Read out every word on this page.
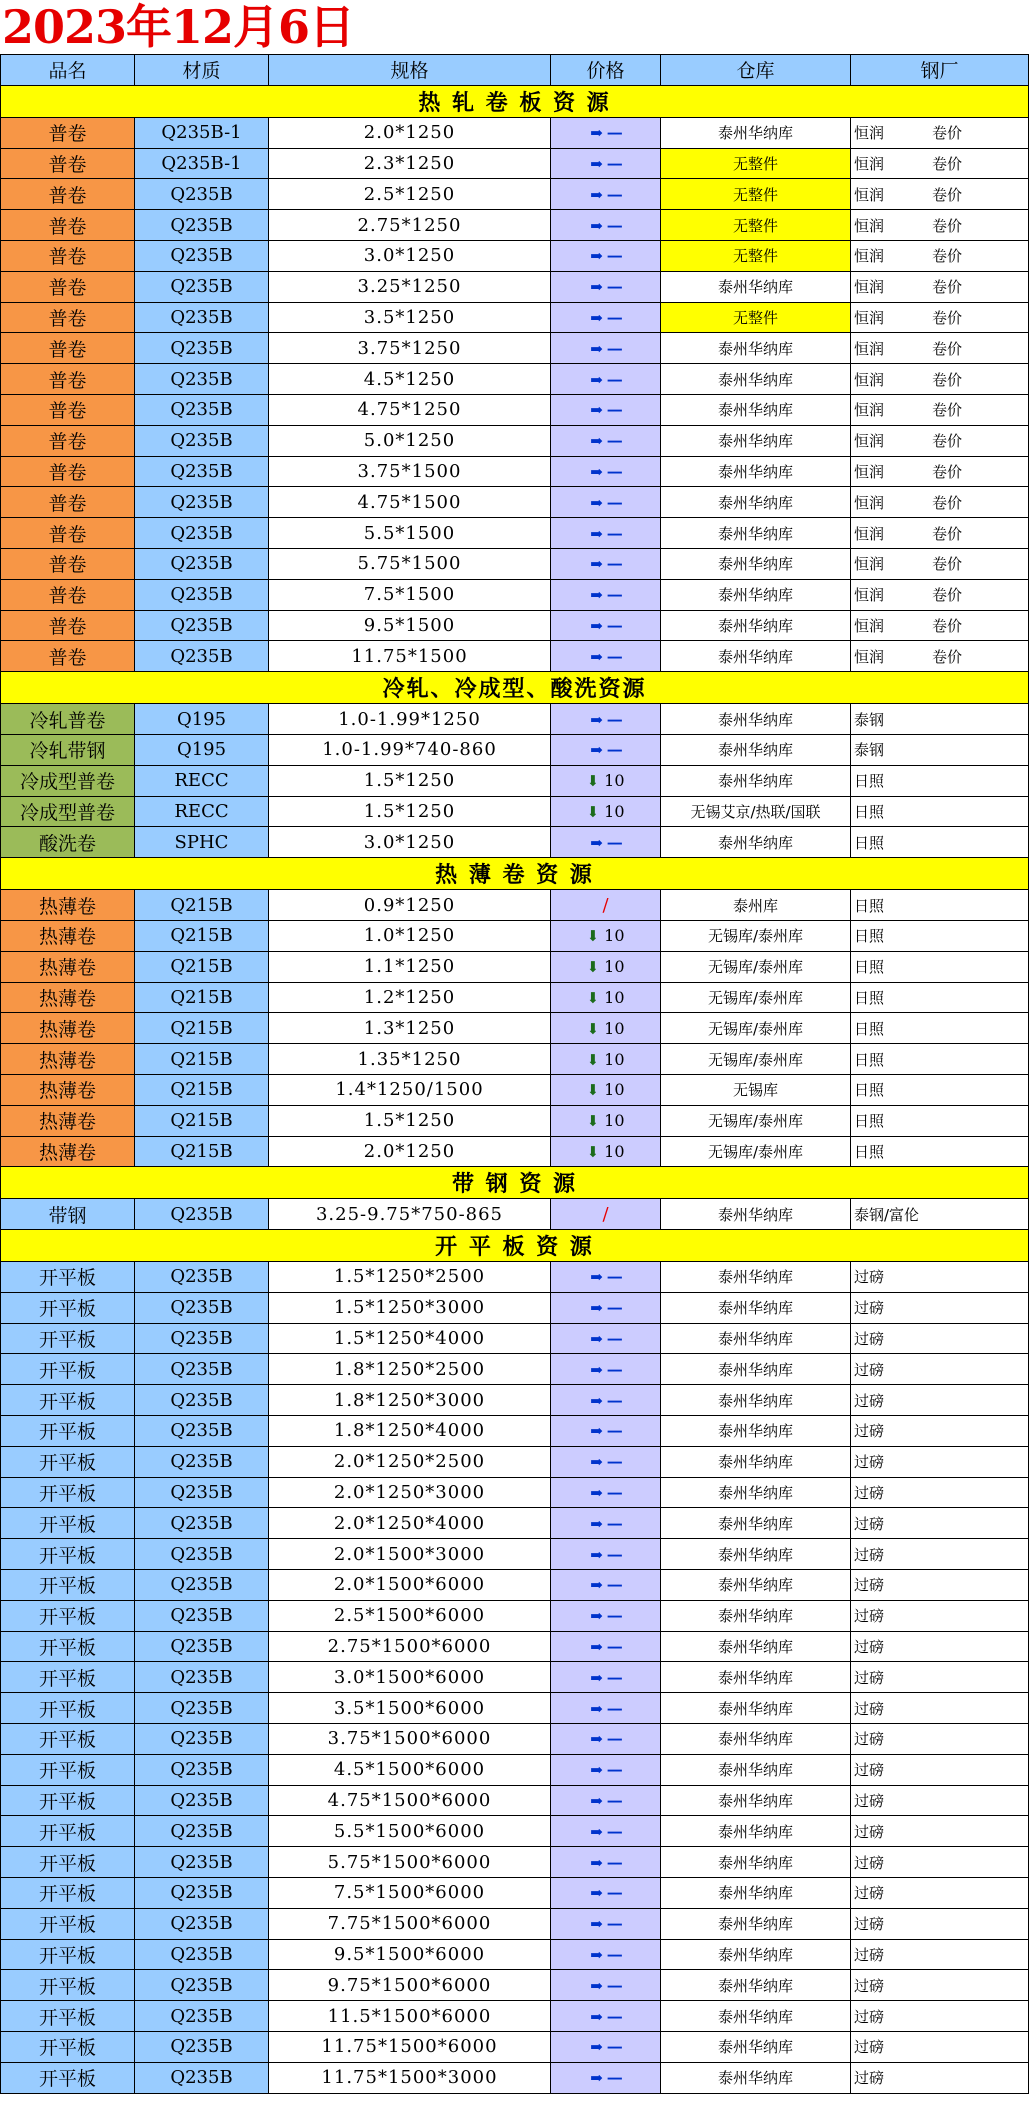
2023年12月6日
品名	材质	规格	价格	仓库	钢厂
热 轧 卷 板 资 源					
普卷	Q235B-1	2.0*1250	➡ —	泰州华纳库	恒润 卷价
普卷	Q235B-1	2.3*1250	➡ —	无整件	恒润 卷价
普卷	Q235B	2.5*1250	➡ —	无整件	恒润 卷价
普卷	Q235B	2.75*1250	➡ —	无整件	恒润 卷价
普卷	Q235B	3.0*1250	➡ —	无整件	恒润 卷价
普卷	Q235B	3.25*1250	➡ —	泰州华纳库	恒润 卷价
普卷	Q235B	3.5*1250	➡ —	无整件	恒润 卷价
普卷	Q235B	3.75*1250	➡ —	泰州华纳库	恒润 卷价
普卷	Q235B	4.5*1250	➡ —	泰州华纳库	恒润 卷价
普卷	Q235B	4.75*1250	➡ —	泰州华纳库	恒润 卷价
普卷	Q235B	5.0*1250	➡ —	泰州华纳库	恒润 卷价
普卷	Q235B	3.75*1500	➡ —	泰州华纳库	恒润 卷价
普卷	Q235B	4.75*1500	➡ —	泰州华纳库	恒润 卷价
普卷	Q235B	5.5*1500	➡ —	泰州华纳库	恒润 卷价
普卷	Q235B	5.75*1500	➡ —	泰州华纳库	恒润 卷价
普卷	Q235B	7.5*1500	➡ —	泰州华纳库	恒润 卷价
普卷	Q235B	9.5*1500	➡ —	泰州华纳库	恒润 卷价
普卷	Q235B	11.75*1500	➡ —	泰州华纳库	恒润 卷价
冷轧、冷成型、酸洗资源					
冷轧普卷	Q195	1.0-1.99*1250	➡ —	泰州华纳库	泰钢
冷轧带钢	Q195	1.0-1.99*740-860	➡ —	泰州华纳库	泰钢
冷成型普卷	RECC	1.5*1250	⬇ 10	泰州华纳库	日照
冷成型普卷	RECC	1.5*1250	⬇ 10	无锡艾京/热联/国联	日照
酸洗卷	SPHC	3.0*1250	➡ —	泰州华纳库	日照
热 薄 卷 资 源					
热薄卷	Q215B	0.9*1250	/	泰州库	日照
热薄卷	Q215B	1.0*1250	⬇ 10	无锡库/泰州库	日照
热薄卷	Q215B	1.1*1250	⬇ 10	无锡库/泰州库	日照
热薄卷	Q215B	1.2*1250	⬇ 10	无锡库/泰州库	日照
热薄卷	Q215B	1.3*1250	⬇ 10	无锡库/泰州库	日照
热薄卷	Q215B	1.35*1250	⬇ 10	无锡库/泰州库	日照
热薄卷	Q215B	1.4*1250/1500	⬇ 10	无锡库	日照
热薄卷	Q215B	1.5*1250	⬇ 10	无锡库/泰州库	日照
热薄卷	Q215B	2.0*1250	⬇ 10	无锡库/泰州库	日照
带 钢 资 源					
带钢	Q235B	3.25-9.75*750-865	/	泰州华纳库	泰钢/富伦
开 平 板 资 源					
开平板	Q235B	1.5*1250*2500	➡ —	泰州华纳库	过磅
开平板	Q235B	1.5*1250*3000	➡ —	泰州华纳库	过磅
开平板	Q235B	1.5*1250*4000	➡ —	泰州华纳库	过磅
开平板	Q235B	1.8*1250*2500	➡ —	泰州华纳库	过磅
开平板	Q235B	1.8*1250*3000	➡ —	泰州华纳库	过磅
开平板	Q235B	1.8*1250*4000	➡ —	泰州华纳库	过磅
开平板	Q235B	2.0*1250*2500	➡ —	泰州华纳库	过磅
开平板	Q235B	2.0*1250*3000	➡ —	泰州华纳库	过磅
开平板	Q235B	2.0*1250*4000	➡ —	泰州华纳库	过磅
开平板	Q235B	2.0*1500*3000	➡ —	泰州华纳库	过磅
开平板	Q235B	2.0*1500*6000	➡ —	泰州华纳库	过磅
开平板	Q235B	2.5*1500*6000	➡ —	泰州华纳库	过磅
开平板	Q235B	2.75*1500*6000	➡ —	泰州华纳库	过磅
开平板	Q235B	3.0*1500*6000	➡ —	泰州华纳库	过磅
开平板	Q235B	3.5*1500*6000	➡ —	泰州华纳库	过磅
开平板	Q235B	3.75*1500*6000	➡ —	泰州华纳库	过磅
开平板	Q235B	4.5*1500*6000	➡ —	泰州华纳库	过磅
开平板	Q235B	4.75*1500*6000	➡ —	泰州华纳库	过磅
开平板	Q235B	5.5*1500*6000	➡ —	泰州华纳库	过磅
开平板	Q235B	5.75*1500*6000	➡ —	泰州华纳库	过磅
开平板	Q235B	7.5*1500*6000	➡ —	泰州华纳库	过磅
开平板	Q235B	7.75*1500*6000	➡ —	泰州华纳库	过磅
开平板	Q235B	9.5*1500*6000	➡ —	泰州华纳库	过磅
开平板	Q235B	9.75*1500*6000	➡ —	泰州华纳库	过磅
开平板	Q235B	11.5*1500*6000	➡ —	泰州华纳库	过磅
开平板	Q235B	11.75*1500*6000	➡ —	泰州华纳库	过磅
开平板	Q235B	11.75*1500*3000	➡ —	泰州华纳库	过磅
